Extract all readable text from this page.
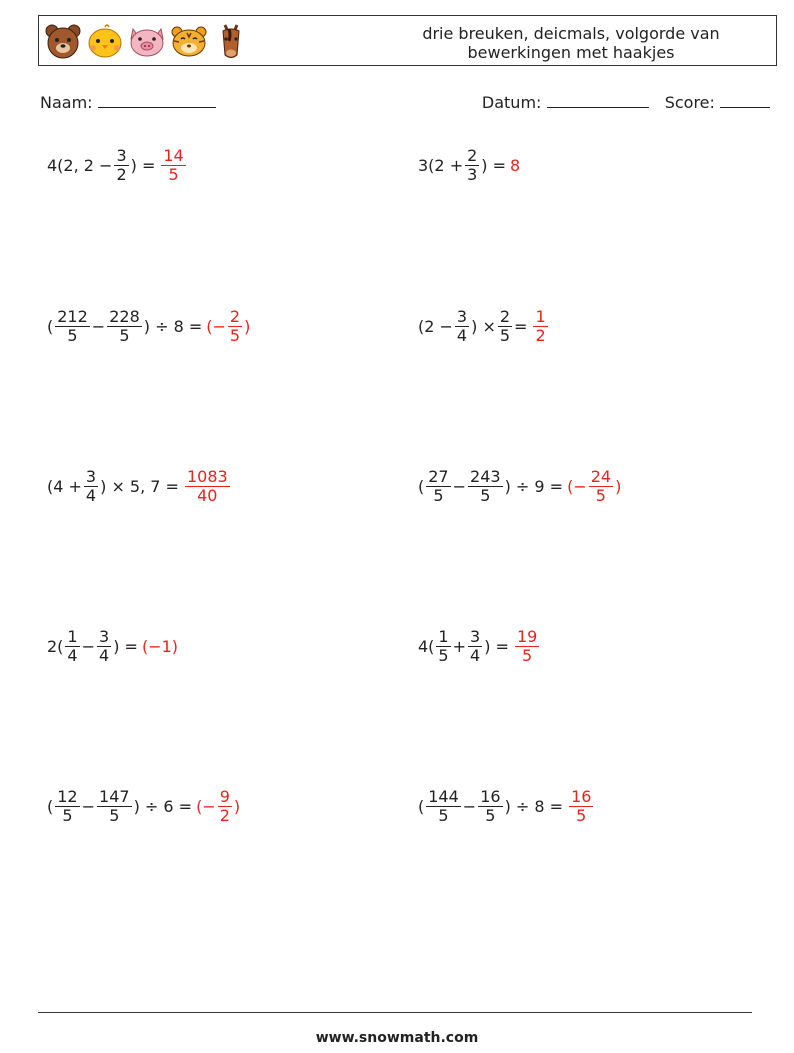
drie breuken, deicmals, volgorde van
bewerkingen met haakjes
Naam:	Datum:	Score:
4(2, $2 - \frac{3}{2}$ ) = $\frac{14}{5}$	$3(2 + \frac{2}{3}$ ) = 8
( $\frac{212}{5} - \frac{228}{5}$ ) ÷ 8 = (− $\frac{2}{5}$ )	($2 - \frac{3}{4}$ ) × $\frac{2}{5} = \frac{1}{2}$
($4 + \frac{3}{4}$ ) × 5, $7 = \frac{1083}{40}$	( $\frac{27}{5} - \frac{243}{5}$ ) ÷ 9 = (− $\frac{24}{5}$ )
$2( \frac{1}{4} - \frac{3}{4}$ ) = (−1)	$4( \frac{1}{5} + \frac{3}{4}$ ) = $\frac{19}{5}$
( $\frac{12}{5} - \frac{147}{5}$ ) ÷ 6 = (− $\frac{9}{2}$ )	( $\frac{144}{5} - \frac{16}{5}$ ) ÷ $8 = \frac{16}{5}$
www.snowmath.com
